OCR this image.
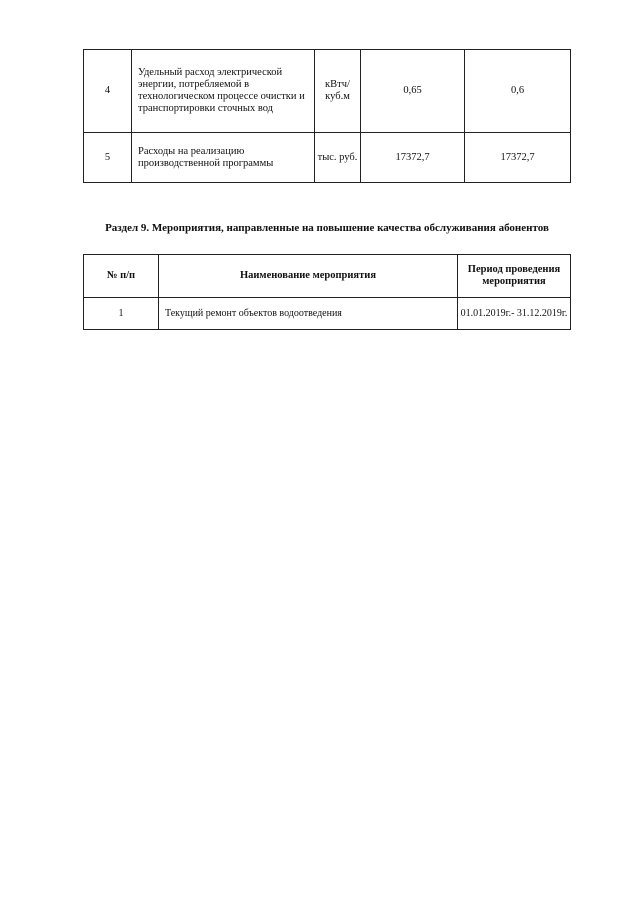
4	Удельный расход электрической энергии, потребляемой в технологическом процессе очистки и транспортировки сточных вод	кВтч/ куб.м	0,65	0,6
5	Расходы на реализацию производственной программы	тыс. руб.	17372,7	17372,7
Раздел 9. Мероприятия, направленные на повышение качества обслуживания абонентов
№ п/п	Наименование мероприятия	Период проведения мероприятия
1	Текущий ремонт объектов водоотведения	01.01.2019г.- 31.12.2019г.
